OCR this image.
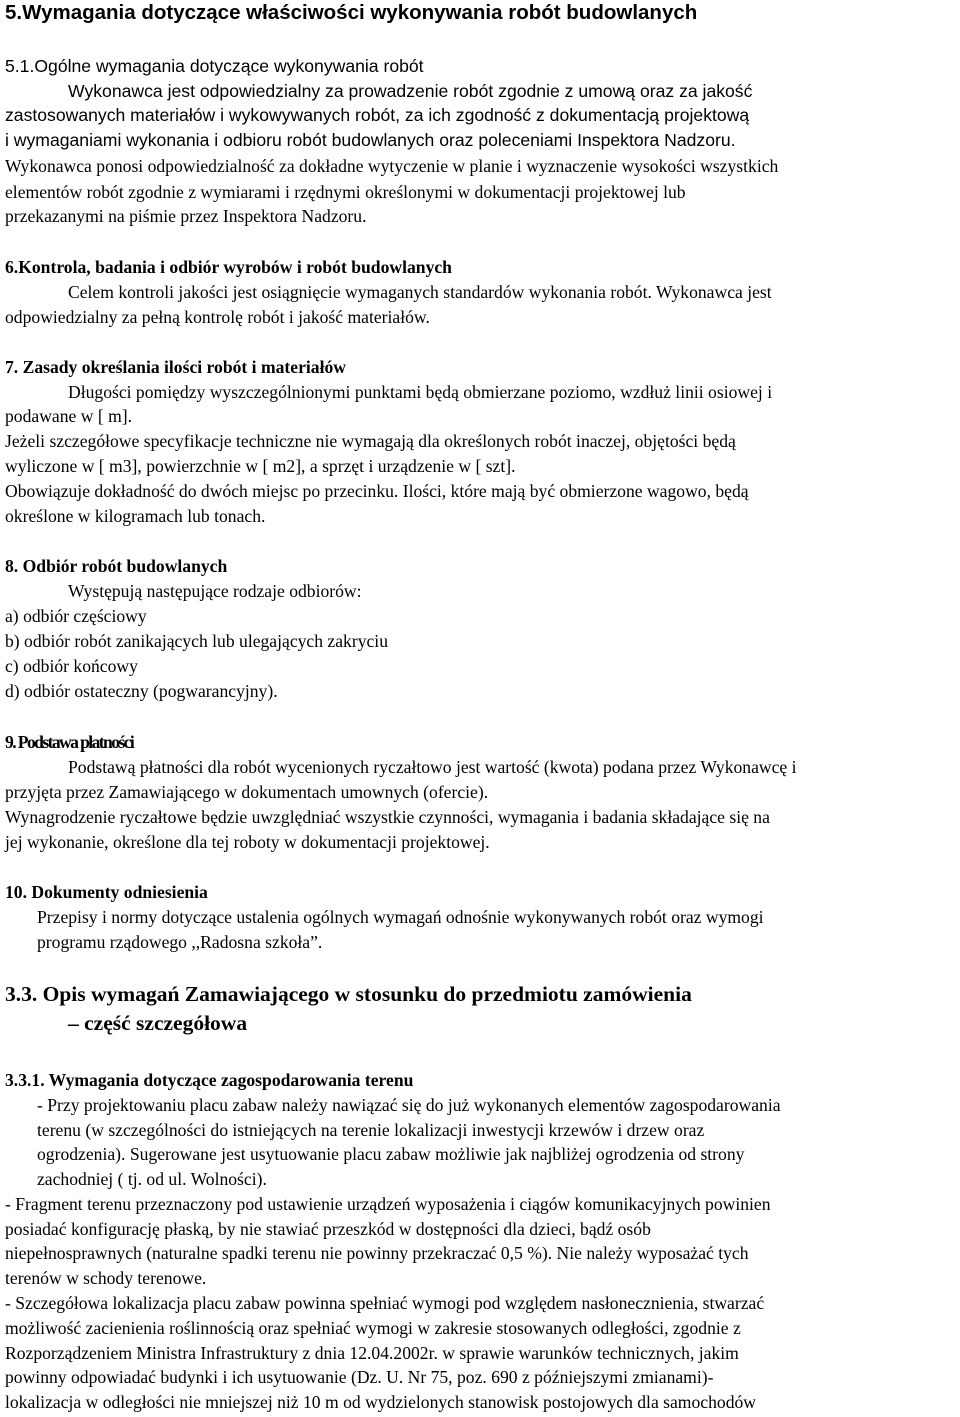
5.Wymagania dotyczące właściwości wykonywania robót budowlanych
5.1.Ogólne wymagania dotyczące wykonywania robót
Wykonawca jest odpowiedzialny za prowadzenie robót zgodnie z umową oraz za jakość
zastosowanych materiałów i wykowywanych robót, za ich zgodność z dokumentacją projektową
i wymaganiami wykonania i odbioru robót budowlanych oraz poleceniami Inspektora Nadzoru.
Wykonawca ponosi odpowiedzialność za dokładne wytyczenie w planie i wyznaczenie wysokości wszystkich
elementów robót zgodnie z wymiarami i rzędnymi określonymi w dokumentacji projektowej lub
przekazanymi na piśmie przez Inspektora Nadzoru.
6.Kontrola, badania i odbiór wyrobów i robót budowlanych
Celem kontroli jakości jest osiągnięcie wymaganych standardów wykonania robót. Wykonawca jest
odpowiedzialny za pełną kontrolę robót i jakość materiałów.
7. Zasady określania ilości robót i materiałów
Długości pomiędzy wyszczególnionymi punktami będą obmierzane poziomo, wzdłuż linii osiowej i
podawane w [ m].
Jeżeli szczegółowe specyfikacje techniczne nie wymagają dla określonych robót inaczej, objętości będą
wyliczone w [ m3], powierzchnie w [ m2], a sprzęt i urządzenie w [ szt].
Obowiązuje dokładność do dwóch miejsc po przecinku. Ilości, które mają być obmierzone wagowo, będą
określone w kilogramach lub tonach.
8. Odbiór robót budowlanych
Występują następujące rodzaje odbiorów:
a) odbiór częściowy
b) odbiór robót zanikających lub ulegających zakryciu
c) odbiór końcowy
d) odbiór ostateczny (pogwarancyjny).
9. Podstawa płatności
Podstawą płatności dla robót wycenionych ryczałtowo jest wartość (kwota) podana przez Wykonawcę i
przyjęta przez Zamawiającego w dokumentach umownych (ofercie).
Wynagrodzenie ryczałtowe będzie uwzględniać wszystkie czynności, wymagania i badania składające się na
jej wykonanie, określone dla tej roboty w dokumentacji projektowej.
10. Dokumenty odniesienia
Przepisy i normy dotyczące ustalenia ogólnych wymagań odnośnie wykonywanych robót oraz wymogi
programu rządowego ,,Radosna szkoła”.
3.3. Opis wymagań Zamawiającego w stosunku do przedmiotu zamówienia
– część szczegółowa
3.3.1. Wymagania dotyczące zagospodarowania terenu
- Przy projektowaniu placu zabaw należy nawiązać się do już wykonanych elementów zagospodarowania
terenu (w szczególności do istniejących na terenie lokalizacji inwestycji krzewów i drzew oraz
ogrodzenia). Sugerowane jest usytuowanie placu zabaw możliwie jak najbliżej ogrodzenia od strony
zachodniej ( tj. od ul. Wolności).
- Fragment terenu przeznaczony pod ustawienie urządzeń wyposażenia i ciągów komunikacyjnych powinien
posiadać konfigurację płaską, by nie stawiać przeszkód w dostępności dla dzieci, bądź osób
niepełnosprawnych (naturalne spadki terenu nie powinny przekraczać 0,5 %). Nie należy wyposażać tych
terenów w schody terenowe.
- Szczegółowa lokalizacja placu zabaw powinna spełniać wymogi pod względem nasłonecznienia, stwarzać
możliwość zacienienia roślinnością oraz spełniać wymogi w zakresie stosowanych odległości, zgodnie z
Rozporządzeniem Ministra Infrastruktury z dnia 12.04.2002r. w sprawie warunków technicznych, jakim
powinny odpowiadać budynki i ich usytuowanie (Dz. U. Nr 75, poz. 690 z późniejszymi zmianami)-
lokalizacja w odległości nie mniejszej niż 10 m od wydzielonych stanowisk postojowych dla samochodów
